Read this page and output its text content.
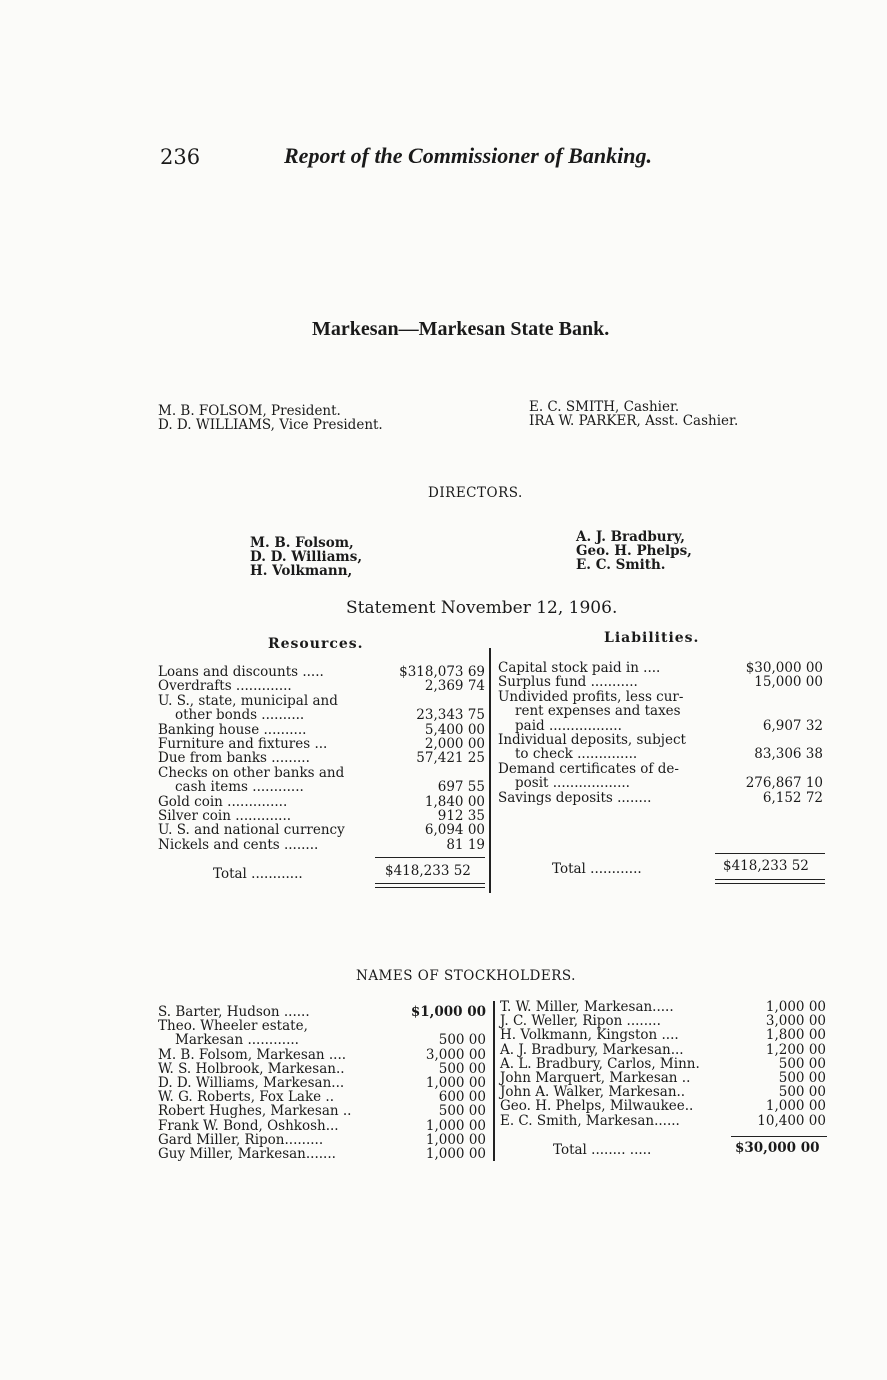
236	Report of the Commissioner of Banking.
Markesan—Markesan State Bank.
M. B. FOLSOM, President.
D. D. WILLIAMS, Vice President.
E. C. SMITH, Cashier.
IRA W. PARKER, Asst. Cashier.
DIRECTORS.
M. B. Folsom,
D. D. Williams,
H. Volkmann,
A. J. Bradbury,
Geo. H. Phelps,
E. C. Smith.
Statement November 12, 1906.
Resources.	Liabilities.
Loans and discounts .....	$318,073 69
Overdrafts .............	2,369 74
U. S., state, municipal and
other bonds ..........	23,343 75
Banking house ..........	5,400 00
Furniture and fixtures ...	2,000 00
Due from banks .........	57,421 25
Checks on other banks and
cash items ............	697 55
Gold coin ..............	1,840 00
Silver coin .............	912 35
U. S. and national currency	6,094 00
Nickels and cents ........	81 19
Total ............	$418,233 52
Capital stock paid in ....	$30,000 00
Surplus fund ...........	15,000 00
Undivided profits, less cur-
rent expenses and taxes
paid .................	6,907 32
Individual deposits, subject
to check ..............	83,306 38
Demand certificates of de-
posit ..................	276,867 10
Savings deposits ........	6,152 72
Total ............	$418,233 52
NAMES OF STOCKHOLDERS.
S. Barter, Hudson ......	$1,000 00
Theo. Wheeler estate,
Markesan ............	500 00
M. B. Folsom, Markesan ....	3,000 00
W. S. Holbrook, Markesan..	500 00
D. D. Williams, Markesan...	1,000 00
W. G. Roberts, Fox Lake ..	600 00
Robert Hughes, Markesan ..	500 00
Frank W. Bond, Oshkosh...	1,000 00
Gard Miller, Ripon.........	1,000 00
Guy Miller, Markesan.......	1,000 00
T. W. Miller, Markesan.....	1,000 00
J. C. Weller, Ripon ........	3,000 00
H. Volkmann, Kingston ....	1,800 00
A. J. Bradbury, Markesan...	1,200 00
A. L. Bradbury, Carlos, Minn.	500 00
John Marquert, Markesan ..	500 00
John A. Walker, Markesan..	500 00
Geo. H. Phelps, Milwaukee..	1,000 00
E. C. Smith, Markesan......	10,400 00
Total ........ .....	$30,000 00
